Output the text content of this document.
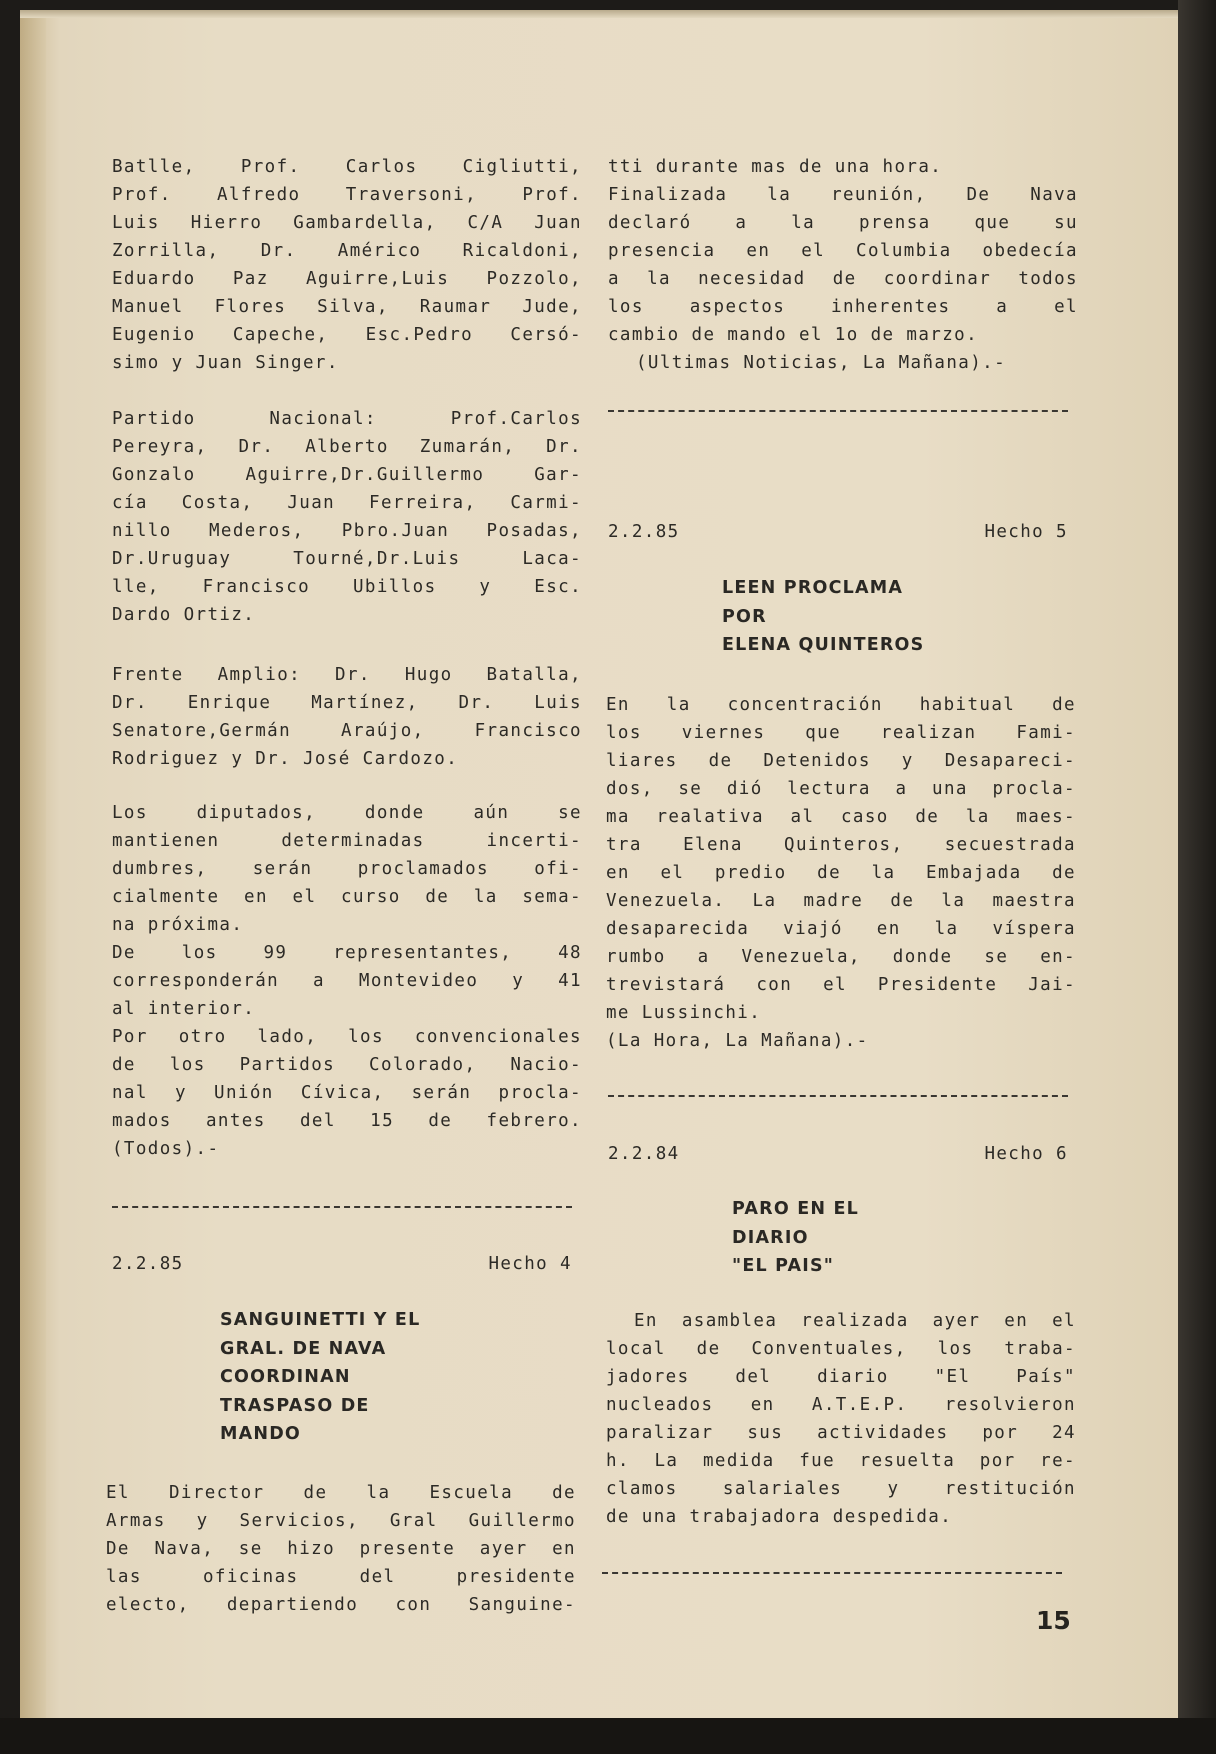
Batlle, Prof. Carlos Cigliutti,

Prof. Alfredo Traversoni, Prof.

Luis Hierro Gambardella, C/A Juan

Zorrilla, Dr. Américo Ricaldoni,

Eduardo Paz Aguirre,Luis Pozzolo,

Manuel Flores Silva, Raumar Jude,

Eugenio Capeche, Esc.Pedro Cersó-

simo y Juan Singer.

Partido Nacional: Prof.Carlos

Pereyra, Dr. Alberto Zumarán, Dr.

Gonzalo Aguirre,Dr.Guillermo Gar-

cía Costa, Juan Ferreira, Carmi-

nillo Mederos, Pbro.Juan Posadas,

Dr.Uruguay Tourné,Dr.Luis Laca-

lle, Francisco Ubillos y Esc.

Dardo Ortiz.

Frente Amplio: Dr. Hugo Batalla,

Dr. Enrique Martínez, Dr. Luis

Senatore,Germán Araújo, Francisco

Rodriguez y Dr. José Cardozo.

Los diputados, donde aún se

mantienen determinadas incerti-

dumbres, serán proclamados ofi-

cialmente en el curso de la sema-

na próxima.

De los 99 representantes, 48

corresponderán a Montevideo y 41

al interior.

Por otro lado, los convencionales

de los Partidos Colorado, Nacio-

nal y Unión Cívica, serán procla-

mados antes del 15 de febrero.

(Todos).-

2.2.85	Hecho 4
SANGUINETTI Y EL
GRAL. DE NAVA
COORDINAN
TRASPASO DE
MANDO

El Director de la Escuela de

Armas y Servicios, Gral Guillermo

De Nava, se hizo presente ayer en

las oficinas del presidente

electo, departiendo con Sanguine-

tti durante mas de una hora.

Finalizada la reunión, De Nava

declaró a la prensa que su

presencia en el Columbia obedecía

a la necesidad de coordinar todos

los aspectos inherentes a el

cambio de mando el 1o de marzo.

(Ultimas Noticias, La Mañana).-

2.2.85	Hecho 5
LEEN PROCLAMA
POR
ELENA QUINTEROS

En la concentración habitual de

los viernes que realizan Fami-

liares de Detenidos y Desapareci-

dos, se dió lectura a una procla-

ma realativa al caso de la maes-

tra Elena Quinteros, secuestrada

en el predio de la Embajada de

Venezuela. La madre de la maestra

desaparecida viajó en la víspera

rumbo a Venezuela, donde se en-

trevistará con el Presidente Jai-

me Lussinchi.

(La Hora, La Mañana).-

2.2.84	Hecho 6
PARO EN EL
DIARIO
"EL PAIS"

En asamblea realizada ayer en el

local de Conventuales, los traba-

jadores del diario "El País"

nucleados en A.T.E.P. resolvieron

paralizar sus actividades por 24

h. La medida fue resuelta por re-

clamos salariales y restitución

de una trabajadora despedida.

15
